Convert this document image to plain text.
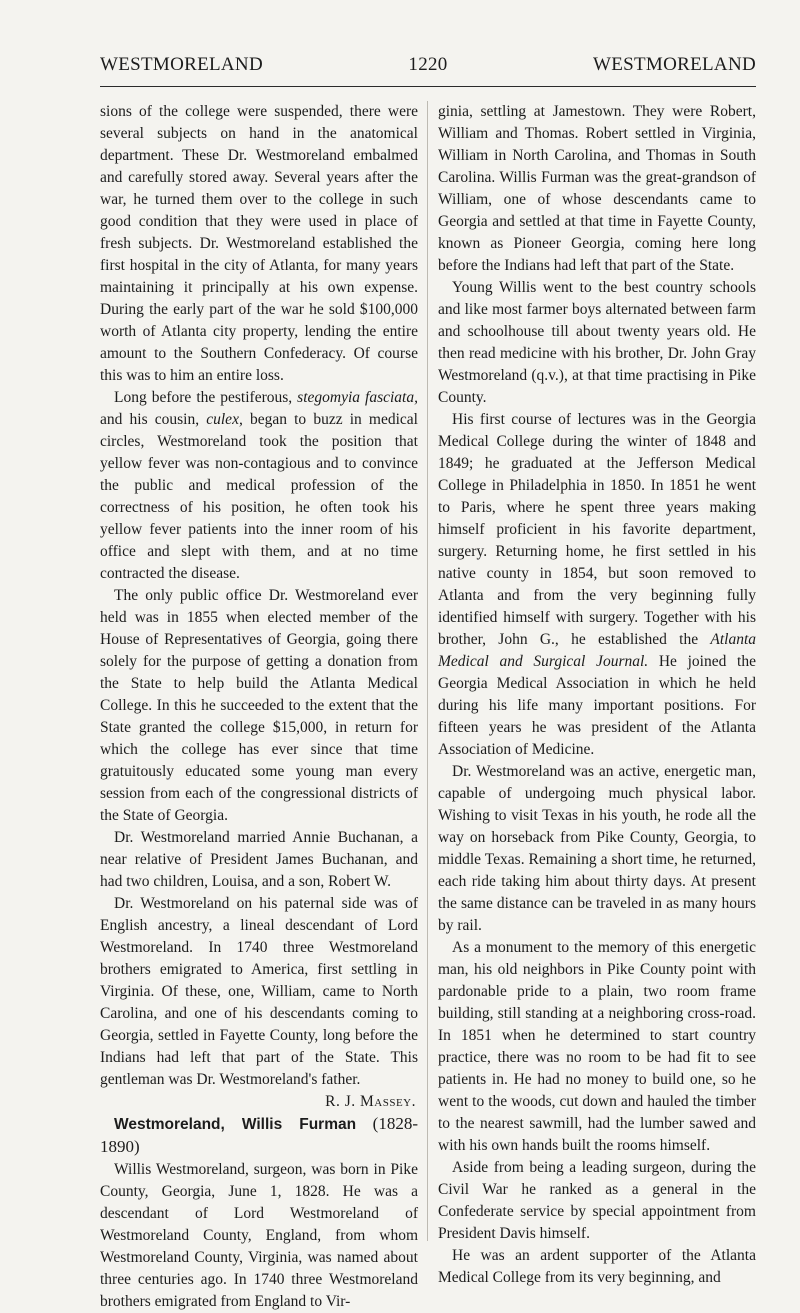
WESTMORELAND	1220	WESTMORELAND

sions of the college were suspended, there were several subjects on hand in the anatomical department. These Dr. Westmoreland embalmed and carefully stored away. Several years after the war, he turned them over to the college in such good condition that they were used in place of fresh subjects. Dr. Westmoreland established the first hospital in the city of Atlanta, for many years maintaining it principally at his own expense. During the early part of the war he sold $100,000 worth of Atlanta city property, lending the entire amount to the Southern Confederacy. Of course this was to him an entire loss.

Long before the pestiferous, stegomyia fasciata, and his cousin, culex, began to buzz in medical circles, Westmoreland took the position that yellow fever was non-contagious and to convince the public and medical profession of the correctness of his position, he often took his yellow fever patients into the inner room of his office and slept with them, and at no time contracted the disease.

The only public office Dr. Westmoreland ever held was in 1855 when elected member of the House of Representatives of Georgia, going there solely for the purpose of getting a donation from the State to help build the Atlanta Medical College. In this he succeeded to the extent that the State granted the college $15,000, in return for which the college has ever since that time gratuitously educated some young man every session from each of the congressional districts of the State of Georgia.

Dr. Westmoreland married Annie Buchanan, a near relative of President James Buchanan, and had two children, Louisa, and a son, Robert W.

Dr. Westmoreland on his paternal side was of English ancestry, a lineal descendant of Lord Westmoreland. In 1740 three Westmoreland brothers emigrated to America, first settling in Virginia. Of these, one, William, came to North Carolina, and one of his descendants coming to Georgia, settled in Fayette County, long before the Indians had left that part of the State. This gentleman was Dr. Westmoreland's father.

R. J. Massey.

Westmoreland, Willis Furman (1828-1890)

Willis Westmoreland, surgeon, was born in Pike County, Georgia, June 1, 1828. He was a descendant of Lord Westmoreland of Westmoreland County, England, from whom Westmoreland County, Virginia, was named about three centuries ago. In 1740 three Westmoreland brothers emigrated from England to Vir-

ginia, settling at Jamestown. They were Robert, William and Thomas. Robert settled in Virginia, William in North Carolina, and Thomas in South Carolina. Willis Furman was the great-grandson of William, one of whose descendants came to Georgia and settled at that time in Fayette County, known as Pioneer Georgia, coming here long before the Indians had left that part of the State.

Young Willis went to the best country schools and like most farmer boys alternated between farm and schoolhouse till about twenty years old. He then read medicine with his brother, Dr. John Gray Westmoreland (q.v.), at that time practising in Pike County.

His first course of lectures was in the Georgia Medical College during the winter of 1848 and 1849; he graduated at the Jefferson Medical College in Philadelphia in 1850. In 1851 he went to Paris, where he spent three years making himself proficient in his favorite department, surgery. Returning home, he first settled in his native county in 1854, but soon removed to Atlanta and from the very beginning fully identified himself with surgery. Together with his brother, John G., he established the Atlanta Medical and Surgical Journal. He joined the Georgia Medical Association in which he held during his life many important positions. For fifteen years he was president of the Atlanta Association of Medicine.

Dr. Westmoreland was an active, energetic man, capable of undergoing much physical labor. Wishing to visit Texas in his youth, he rode all the way on horseback from Pike County, Georgia, to middle Texas. Remaining a short time, he returned, each ride taking him about thirty days. At present the same distance can be traveled in as many hours by rail.

As a monument to the memory of this energetic man, his old neighbors in Pike County point with pardonable pride to a plain, two room frame building, still standing at a neighboring cross-road. In 1851 when he determined to start country practice, there was no room to be had fit to see patients in. He had no money to build one, so he went to the woods, cut down and hauled the timber to the nearest sawmill, had the lumber sawed and with his own hands built the rooms himself.

Aside from being a leading surgeon, during the Civil War he ranked as a general in the Confederate service by special appointment from President Davis himself.

He was an ardent supporter of the Atlanta Medical College from its very beginning, and
